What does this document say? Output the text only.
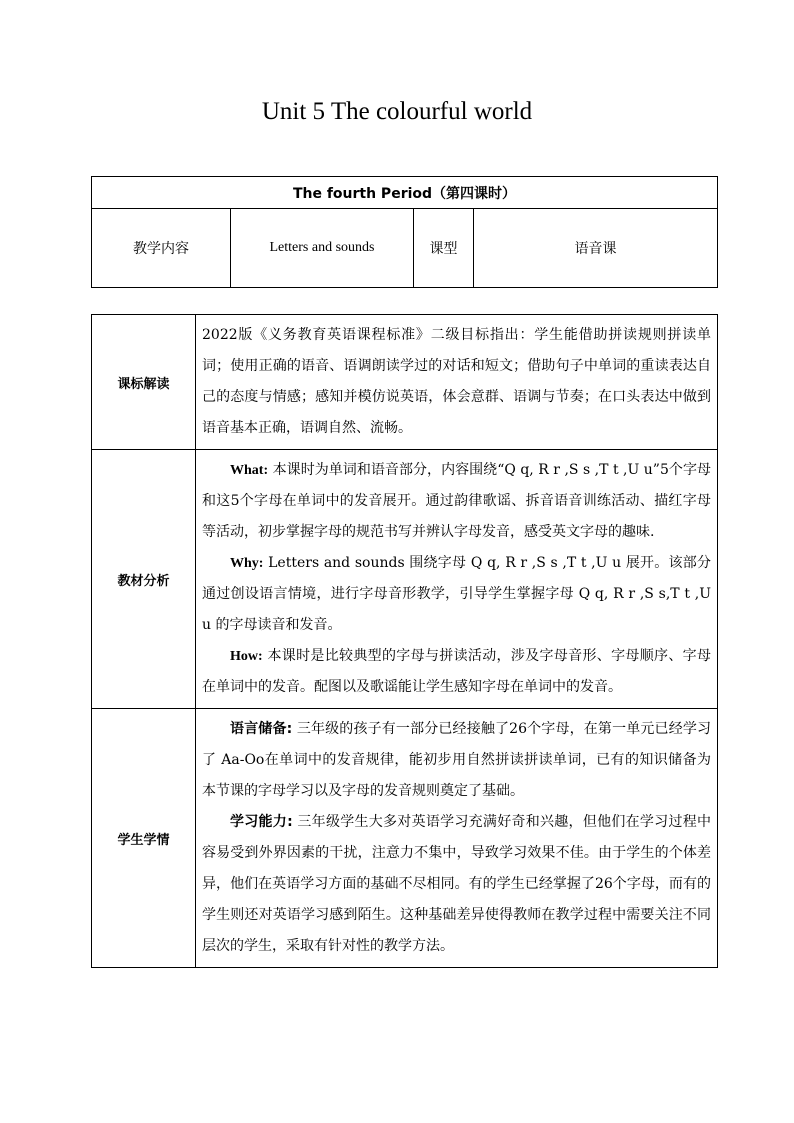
Unit 5 The colourful world
The fourth Period（第四课时）
教学内容	Letters and sounds	课型	语音课
课标解读	2022版《义务教育英语课程标准》二级目标指出：学生能借助拼读规则拼读单词；使用正确的语音、语调朗读学过的对话和短文；借助句子中单词的重读表达自己的态度与情感；感知并模仿说英语，体会意群、语调与节奏；在口头表达中做到语音基本正确，语调自然、流畅。

教材分析	What: 本课时为单词和语音部分，内容围绕“Q q, R r ,S s ,T t ,U u”5个字母和这5个字母在单词中的发音展开。通过韵律歌谣、拆音语音训练活动、描红字母等活动，初步掌握字母的规范书写并辨认字母发音，感受英文字母的趣味.

Why: Letters and sounds 围绕字母 Q q, R r ,S s ,T t ,U u 展开。该部分通过创设语言情境，进行字母音形教学，引导学生掌握字母 Q q, R r ,S s,T t ,U u 的字母读音和发音。

How: 本课时是比较典型的字母与拼读活动，涉及字母音形、字母顺序、字母在单词中的发音。配图以及歌谣能让学生感知字母在单词中的发音。

学生学情	语言储备: 三年级的孩子有一部分已经接触了26个字母，在第一单元已经学习了 Aa-Oo在单词中的发音规律，能初步用自然拼读拼读单词，已有的知识储备为本节课的字母学习以及字母的发音规则奠定了基础。

学习能力: 三年级学生大多对英语学习充满好奇和兴趣，但他们在学习过程中容易受到外界因素的干扰，注意力不集中，导致学习效果不佳。由于学生的个体差异，他们在英语学习方面的基础不尽相同。有的学生已经掌握了26个字母，而有的学生则还对英语学习感到陌生。这种基础差异使得教师在教学过程中需要关注不同层次的学生，采取有针对性的教学方法。
